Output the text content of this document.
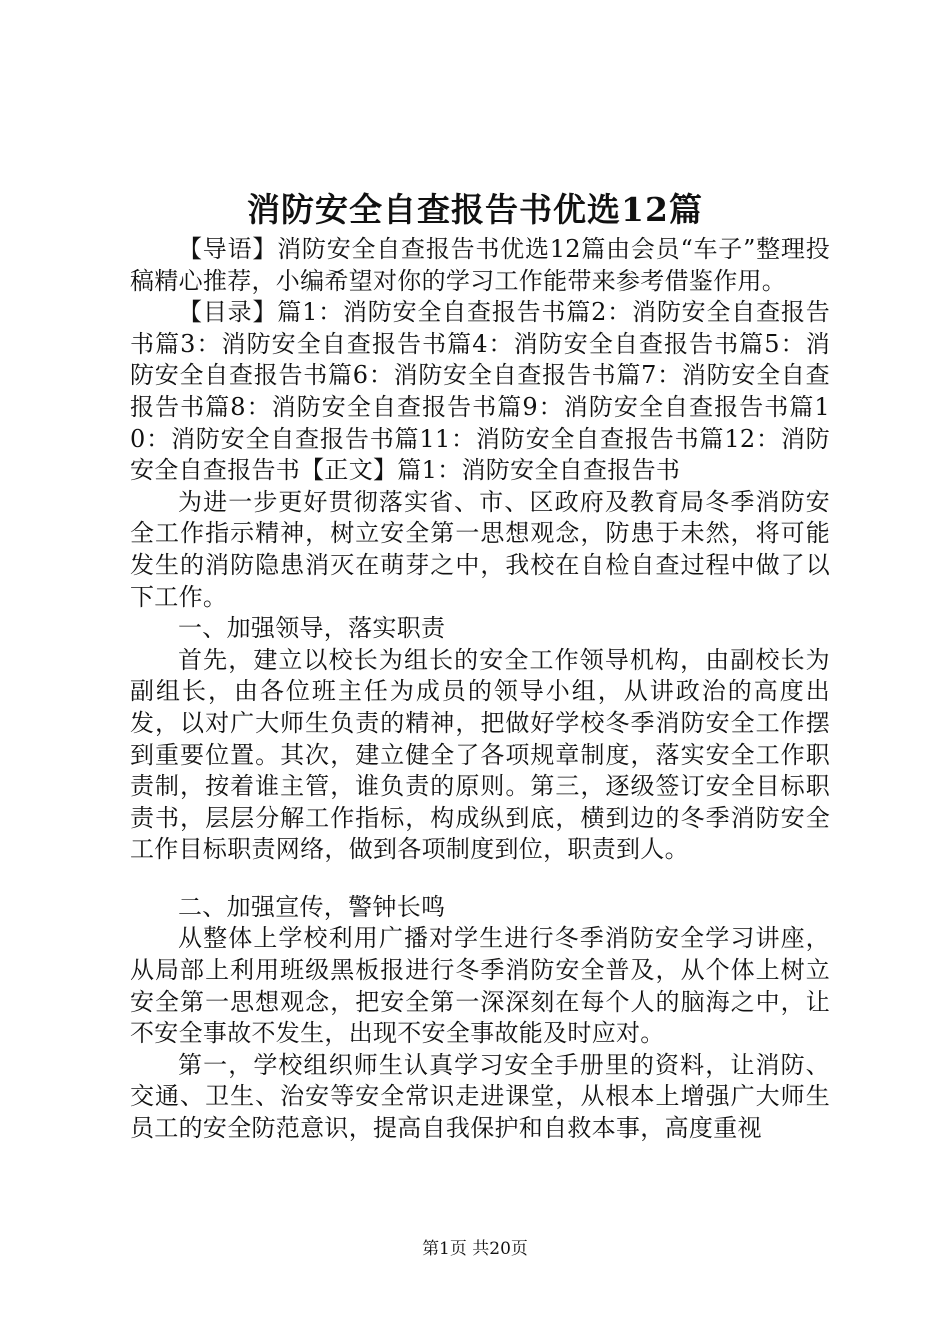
消防安全自查报告书优选12篇

【导语】消防安全自查报告书优选12篇由会员“车子”整理投稿精心推荐，小编希望对你的学习工作能带来参考借鉴作用。

【目录】篇1：消防安全自查报告书篇2：消防安全自查报告书篇3：消防安全自查报告书篇4：消防安全自查报告书篇5：消防安全自查报告书篇6：消防安全自查报告书篇7：消防安全自查报告书篇8：消防安全自查报告书篇9：消防安全自查报告书篇10：消防安全自查报告书篇11：消防安全自查报告书篇12：消防安全自查报告书【正文】篇1：消防安全自查报告书

为进一步更好贯彻落实省、市、区政府及教育局冬季消防安全工作指示精神，树立安全第一思想观念，防患于未然，将可能发生的消防隐患消灭在萌芽之中，我校在自检自查过程中做了以下工作。

一、加强领导，落实职责

首先，建立以校长为组长的安全工作领导机构，由副校长为副组长，由各位班主任为成员的领导小组，从讲政治的高度出发，以对广大师生负责的精神，把做好学校冬季消防安全工作摆到重要位置。其次，建立健全了各项规章制度，落实安全工作职责制，按着谁主管，谁负责的原则。第三，逐级签订安全目标职责书，层层分解工作指标，构成纵到底，横到边的冬季消防安全工作目标职责网络，做到各项制度到位，职责到人。

二、加强宣传，警钟长鸣

从整体上学校利用广播对学生进行冬季消防安全学习讲座，从局部上利用班级黑板报进行冬季消防安全普及，从个体上树立安全第一思想观念，把安全第一深深刻在每个人的脑海之中，让不安全事故不发生，出现不安全事故能及时应对。

第一，学校组织师生认真学习安全手册里的资料，让消防、交通、卫生、治安等安全常识走进课堂，从根本上增强广大师生员工的安全防范意识，提高自我保护和自救本事，高度重视

第1页 共20页
